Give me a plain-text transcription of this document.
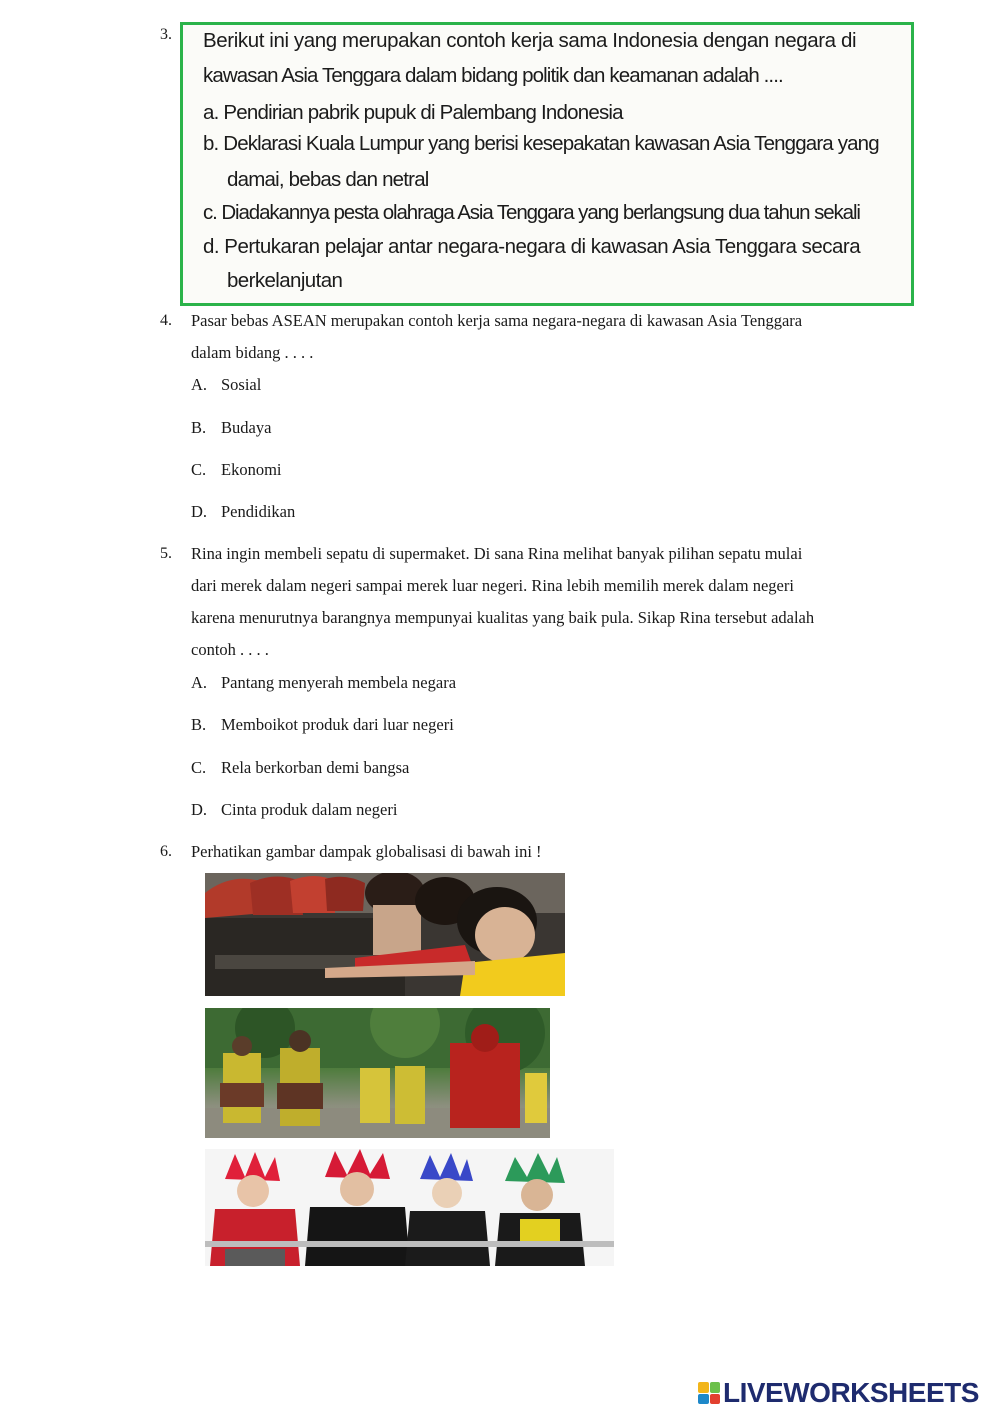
3. Berikut ini yang merupakan contoh kerja sama Indonesia dengan negara di
kawasan Asia Tenggara dalam bidang politik dan keamanan adalah ....
a. Pendirian pabrik pupuk di Palembang Indonesia
b. Deklarasi Kuala Lumpur yang berisi kesepakatan kawasan Asia Tenggara yang
damai, bebas dan netral
c. Diadakannya pesta olahraga Asia Tenggara yang berlangsung dua tahun sekali
d. Pertukaran pelajar antar negara-negara di kawasan Asia Tenggara secara
berkelanjutan
4. Pasar bebas ASEAN merupakan contoh kerja sama negara-negara di kawasan Asia Tenggara
dalam bidang . . . .
A. Sosial
B. Budaya
C. Ekonomi
D. Pendidikan
5. Rina ingin membeli sepatu di supermaket. Di sana Rina melihat banyak pilihan sepatu mulai
dari merek dalam negeri sampai merek luar negeri. Rina lebih memilih merek dalam negeri
karena menurutnya barangnya mempunyai kualitas yang baik pula. Sikap Rina tersebut adalah
contoh . . . .
A. Pantang menyerah membela negara
B. Memboikot produk dari luar negeri
C. Rela berkorban demi bangsa
D. Cinta produk dalam negeri
6. Perhatikan gambar dampak globalisasi di bawah ini !
LIVEWORKSHEETS
